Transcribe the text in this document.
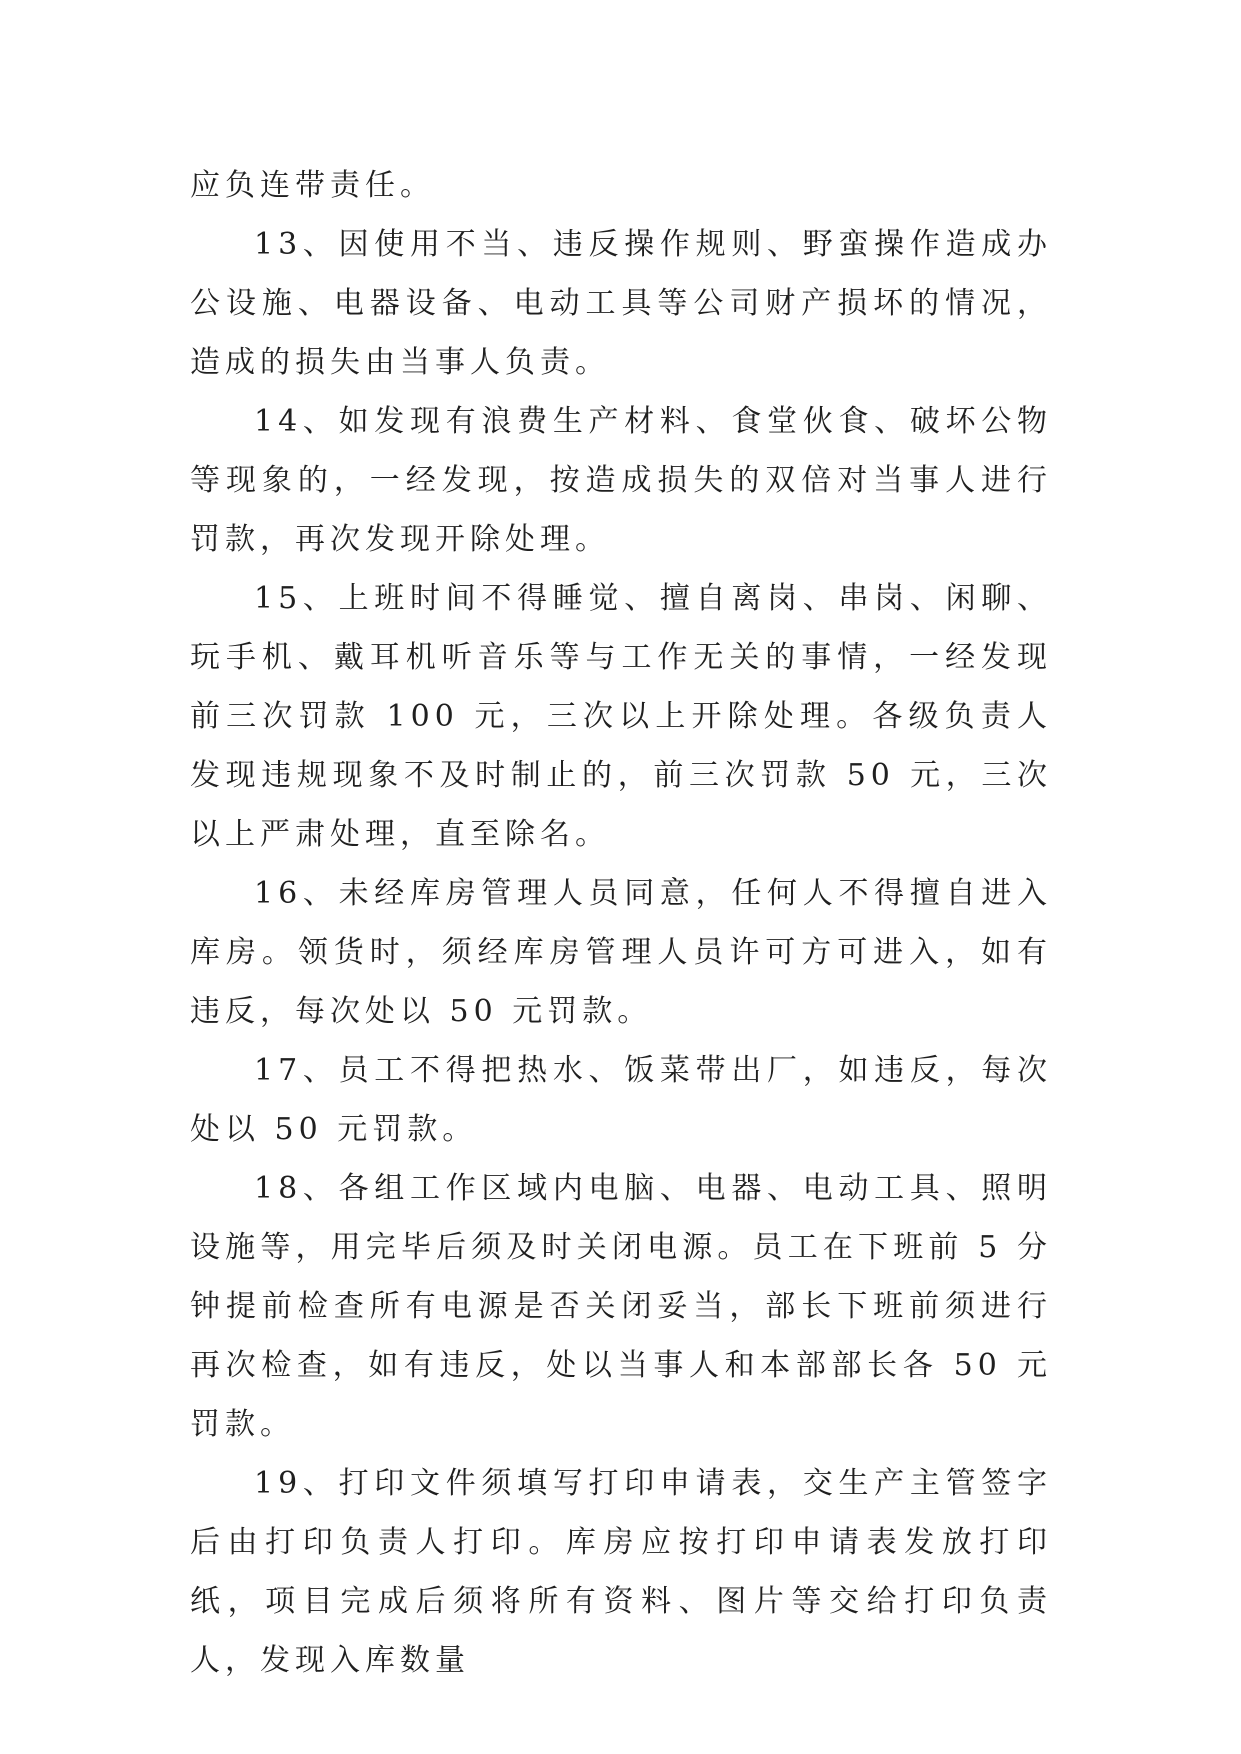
应负连带责任。

13、因使用不当、违反操作规则、野蛮操作造成办公设施、电器设备、电动工具等公司财产损坏的情况，造成的损失由当事人负责。

14、如发现有浪费生产材料、食堂伙食、破坏公物等现象的，一经发现，按造成损失的双倍对当事人进行罚款，再次发现开除处理。

15、上班时间不得睡觉、擅自离岗、串岗、闲聊、玩手机、戴耳机听音乐等与工作无关的事情，一经发现前三次罚款 100 元，三次以上开除处理。各级负责人发现违规现象不及时制止的，前三次罚款 50 元，三次以上严肃处理，直至除名。

16、未经库房管理人员同意，任何人不得擅自进入库房。领货时，须经库房管理人员许可方可进入，如有违反，每次处以 50 元罚款。

17、员工不得把热水、饭菜带出厂，如违反，每次处以 50 元罚款。

18、各组工作区域内电脑、电器、电动工具、照明设施等，用完毕后须及时关闭电源。员工在下班前 5 分钟提前检查所有电源是否关闭妥当，部长下班前须进行再次检查，如有违反，处以当事人和本部部长各 50 元罚款。

19、打印文件须填写打印申请表，交生产主管签字后由打印负责人打印。库房应按打印申请表发放打印纸，项目完成后须将所有资料、图片等交给打印负责人，发现入库数量
